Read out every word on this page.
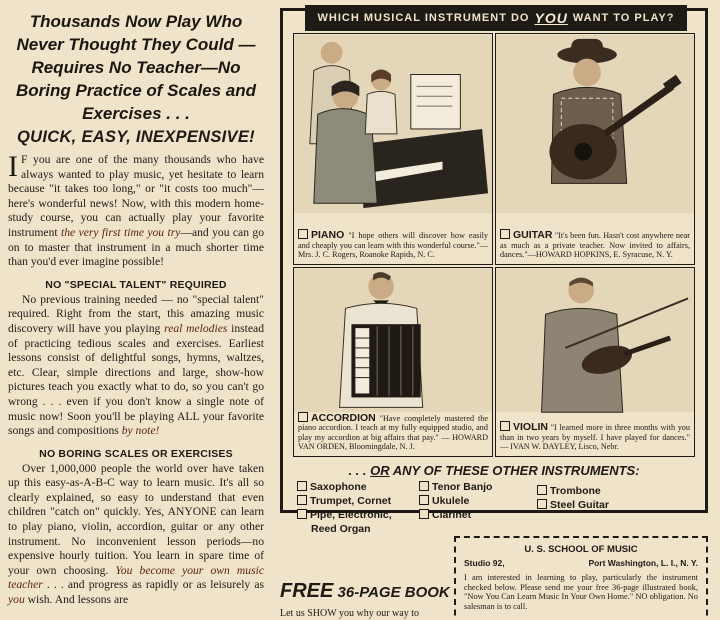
Thousands Now Play Who Never Thought They Could —Requires No Teacher—No Boring Practice of Scales and Exercises . . .
QUICK, EASY, INEXPENSIVE!

I F you are one of the many thousands who have always wanted to play music, yet hesitate to learn because "it takes too long," or "it costs too much"—here's wonderful news! Now, with this modern home-study course, you can actually play your favorite instrument the very first time you try—and you can go on to master that instrument in a much shorter time than you'd ever imagine possible!

NO "SPECIAL TALENT" REQUIRED

No previous training needed — no "special talent" required. Right from the start, this amazing music discovery will have you playing real melodies instead of practicing tedious scales and exercises. Earliest lessons consist of delightful songs, hymns, waltzes, etc. Clear, simple directions and large, show-how pictures teach you exactly what to do, so you can't go wrong . . . even if you don't know a single note of music now! Soon you'll be playing ALL your favorite songs and compositions by note!

NO BORING SCALES OR EXERCISES

Over 1,000,000 people the world over have taken up this easy-as-A-B-C way to learn music. It's all so clearly explained, so easy to understand that even children "catch on" quickly. Yes, ANYONE can learn to play piano, violin, accordion, guitar or any other instrument. No inconvenient lesson periods—no expensive hourly tuition. You learn in spare time of your own choosing. You become your own music teacher . . . and progress as rapidly or as leisurely as you wish. And lessons are

WHICH MUSICAL INSTRUMENT DO YOU WANT TO PLAY?
PIANO "I hope others will discover how easily and cheaply you can learn with this wonderful course."—Mrs. J. C. Rogers, Roanoke Rapids, N. C.
GUITAR "It's been fun. Hasn't cost anywhere near as much as a private teacher. Now invited to affairs, dances."—HOWARD HOPKINS, E. Syracuse, N. Y.
ACCORDION "Have completely mastered the piano accordion. I teach at my fully equipped studio, and play my accordion at big affairs that pay." — HOWARD VAN ORDEN, Bloomingdale, N. J.
VIOLIN "I learned more in three months with you than in two years by myself. I have played for dances." — IVAN W. DAYLEY, Lisco, Nebr.
. . . OR ANY OF THESE OTHER INSTRUMENTS:
Saxophone
Trumpet, Cornet
Pipe, Electronic,
Reed Organ
Tenor Banjo
Ukulele
Clarinet
Trombone
Steel Guitar
FREE 36-PAGE BOOK
Let us SHOW you why our way to
U. S. SCHOOL OF MUSIC
Studio 92,	Port Washington, L. I., N. Y.
I am interested in learning to play, particularly the instrument checked below. Please send me your free 36-page illustrated book, "Now You Can Learn Music In Your Own Home." NO obligation. No salesman is to call.
